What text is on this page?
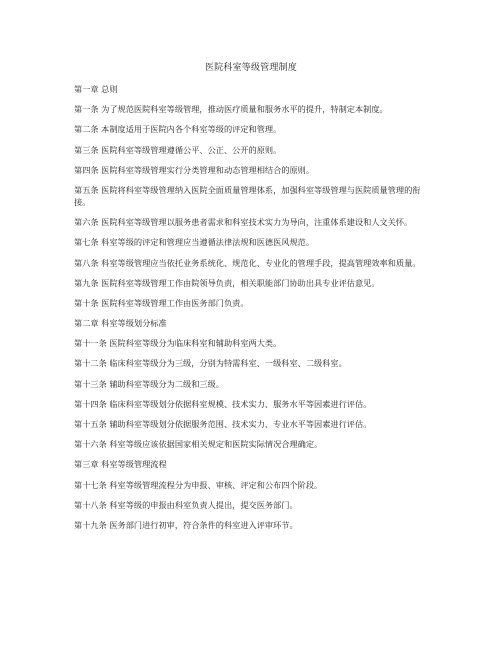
医院科室等级管理制度
第一章 总则
第一条 为了规范医院科室等级管理，推动医疗质量和服务水平的提升，特制定本制度。
第二条 本制度适用于医院内各个科室等级的评定和管理。
第三条 医院科室等级管理遵循公平、公正、公开的原则。
第四条 医院科室等级管理实行分类管理和动态管理相结合的原则。
第五条 医院将科室等级管理纳入医院全面质量管理体系，加强科室等级管理与医院质量管理的衔接。
第六条 医院科室等级管理以服务患者需求和科室技术实力为导向，注重体系建设和人文关怀。
第七条 科室等级的评定和管理应当遵循法律法规和医德医风规范。
第八条 科室等级管理应当依托业务系统化、规范化、专业化的管理手段，提高管理效率和质量。
第九条 医院科室等级管理工作由院领导负责，相关职能部门协助出具专业评估意见。
第十条 医院科室等级管理工作由医务部门负责。
第二章 科室等级划分标准
第十一条 医院科室等级分为临床科室和辅助科室两大类。
第十二条 临床科室等级分为三级，分别为特需科室、一级科室、二级科室。
第十三条 辅助科室等级分为二级和三级。
第十四条 临床科室等级划分依据科室规模、技术实力、服务水平等因素进行评估。
第十五条 辅助科室等级划分依据服务范围、技术实力、专业水平等因素进行评估。
第十六条 科室等级应该依据国家相关规定和医院实际情况合理确定。
第三章 科室等级管理流程
第十七条 科室等级管理流程分为申报、审核、评定和公布四个阶段。
第十八条 科室等级的申报由科室负责人提出，提交医务部门。
第十九条 医务部门进行初审，符合条件的科室进入评审环节。
